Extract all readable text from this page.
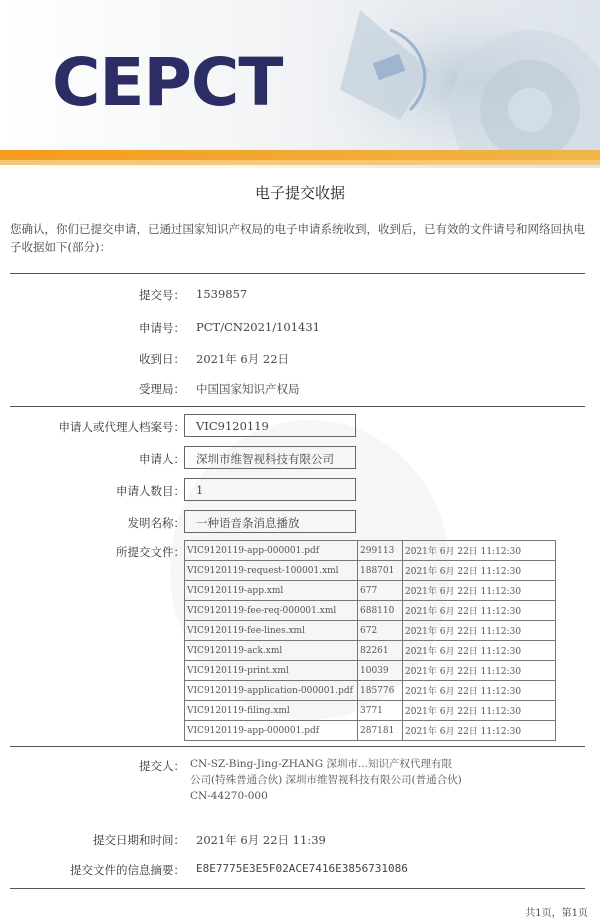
CEPCT
电子提交收据
您确认，你们已提交申请，已通过国家知识产权局的电子申请系统收到，收到后，已有效的文件请号和网络回执电子收据如下(部分)：
提交号： 1539857
申请号： PCT/CN2021/101431
收到日： 2021年 6月 22日
受理局： 中国国家知识产权局
申请人或代理人档案号： VIC9120119
申请人： 深圳市维智视科技有限公司
申请人数目： 1
发明名称： 一种语音条消息播放
所提交文件： VIC9120119-app-000001.pdf	299113	2021年 6月 22日 11:12:30
VIC9120119-request-100001.xml	188701	2021年 6月 22日 11:12:30
VIC9120119-app.xml	677	2021年 6月 22日 11:12:30
VIC9120119-fee-req-000001.xml	688110	2021年 6月 22日 11:12:30
VIC9120119-fee-lines.xml	672	2021年 6月 22日 11:12:30
VIC9120119-ack.xml	82261	2021年 6月 22日 11:12:30
VIC9120119-print.xml	10039	2021年 6月 22日 11:12:30
VIC9120119-application-000001.pdf	185776	2021年 6月 22日 11:12:30
VIC9120119-filing.xml	3771	2021年 6月 22日 11:12:30
VIC9120119-app-000001.pdf	287181	2021年 6月 22日 11:12:30
提交人： CN-SZ-Bing-Jing-ZHANG 深圳市...知识产权代理有限
公司(特殊普通合伙) 深圳市维智视科技有限公司(普通合伙)
CN-44270-000
提交日期和时间： 2021年 6月 22日 11:39
提交文件的信息摘要： E8E7775E3E5F02ACE7416E3856731086
共1页，第1页
